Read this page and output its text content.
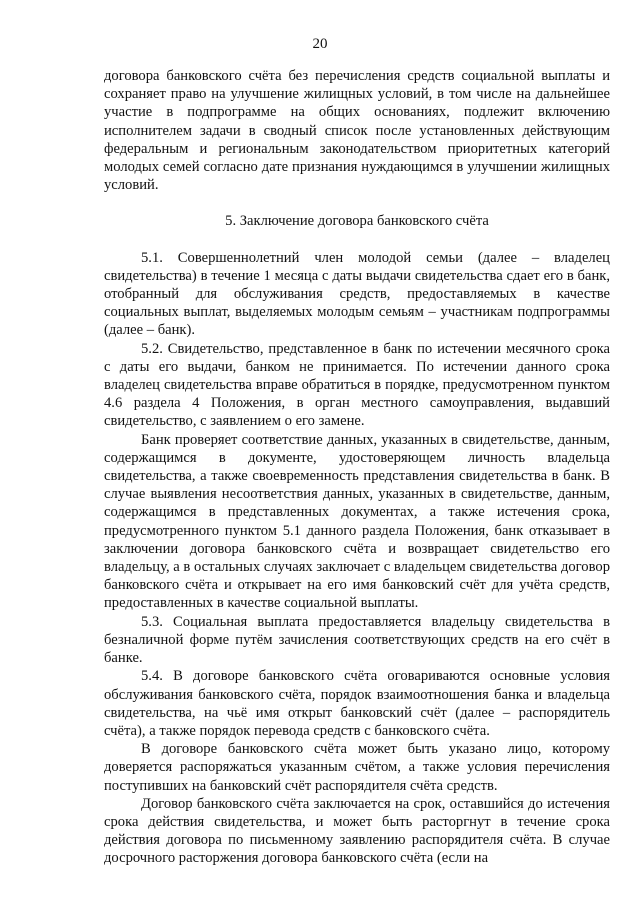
20

договора банковского счёта без перечисления средств социальной выплаты и сохраняет право на улучшение жилищных условий, в том числе на дальнейшее участие в подпрограмме на общих основаниях, подлежит включению исполнителем задачи в сводный список после установленных действующим федеральным и региональным законодательством приоритетных категорий молодых семей согласно дате признания нуждающимся в улучшении жилищных условий.

5. Заключение договора банковского счёта

5.1. Совершеннолетний член молодой семьи (далее – владелец свидетельства) в течение 1 месяца с даты выдачи свидетельства сдает его в банк, отобранный для обслуживания средств, предоставляемых в качестве социальных выплат, выделяемых молодым семьям – участникам подпрограммы (далее – банк).

5.2. Свидетельство, представленное в банк по истечении месячного срока с даты его выдачи, банком не принимается. По истечении данного срока владелец свидетельства вправе обратиться в порядке, предусмотренном пунктом 4.6 раздела 4 Положения, в орган местного самоуправления, выдавший свидетельство, с заявлением о его замене.

Банк проверяет соответствие данных, указанных в свидетельстве, данным, содержащимся в документе, удостоверяющем личность владельца свидетельства, а также своевременность представления свидетельства в банк. В случае выявления несоответствия данных, указанных в свидетельстве, данным, содержащимся в представленных документах, а также истечения срока, предусмотренного пунктом 5.1 данного раздела Положения, банк отказывает в заключении договора банковского счёта и возвращает свидетельство его владельцу, а в остальных случаях заключает с владельцем свидетельства договор банковского счёта и открывает на его имя банковский счёт для учёта средств, предоставленных в качестве социальной выплаты.

5.3. Социальная выплата предоставляется владельцу свидетельства в безналичной форме путём зачисления соответствующих средств на его счёт в банке.

5.4. В договоре банковского счёта оговариваются основные условия обслуживания банковского счёта, порядок взаимоотношения банка и владельца свидетельства, на чьё имя открыт банковский счёт (далее – распорядитель счёта), а также порядок перевода средств с банковского счёта.

В договоре банковского счёта может быть указано лицо, которому доверяется распоряжаться указанным счётом, а также условия перечисления поступивших на банковский счёт распорядителя счёта средств.

Договор банковского счёта заключается на срок, оставшийся до истечения срока действия свидетельства, и может быть расторгнут в течение срока действия договора по письменному заявлению распорядителя счёта. В случае досрочного расторжения договора банковского счёта (если на
